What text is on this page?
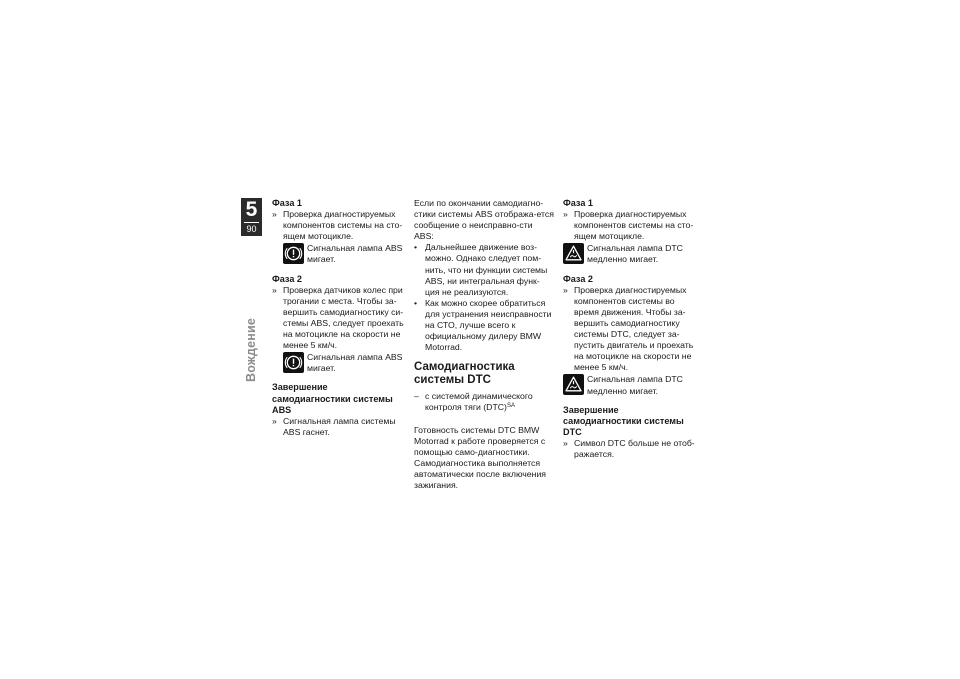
5
90
Вождение

Фаза 1

» Проверка диагностируемых компонентов системы на сто-ящем мотоцикле.

Сигнальная лампа ABS мигает.

Фаза 2

» Проверка датчиков колес при трогании с места. Чтобы за-вершить самодиагностику си-стемы ABS, следует проехать на мотоцикле на скорости не менее 5 км/ч.

Сигнальная лампа ABS мигает.

Завершение самодиагностики системы ABS

» Сигнальная лампа системы ABS гаснет.

Если по окончании самодиагно-стики системы ABS отобража-ется сообщение о неисправно-сти ABS:

• Дальнейшее движение воз-можно. Однако следует пом-нить, что ни функции системы ABS, ни интегральная функ-ция не реализуются.

• Как можно скорее обратиться для устранения неисправности на СТО, лучше всего к официальному дилеру BMW Motorrad.

Самодиагностика системы DTC

– с системой динамического контроля тяги (DTC)$^{SA}$

Готовность системы DTC BMW Motorrad к работе проверяется с помощью само-диагностики. Самодиагностика выполняется автоматически после включения зажигания.

Фаза 1

» Проверка диагностируемых компонентов системы на сто-ящем мотоцикле.

Сигнальная лампа DTC медленно мигает.

Фаза 2

» Проверка диагностируемых компонентов системы во время движения. Чтобы за-вершить самодиагностику системы DTC, следует за-пустить двигатель и проехать на мотоцикле на скорости не менее 5 км/ч.

Сигнальная лампа DTC медленно мигает.

Завершение самодиагностики системы DTC

» Символ DTC больше не отоб-ражается.
